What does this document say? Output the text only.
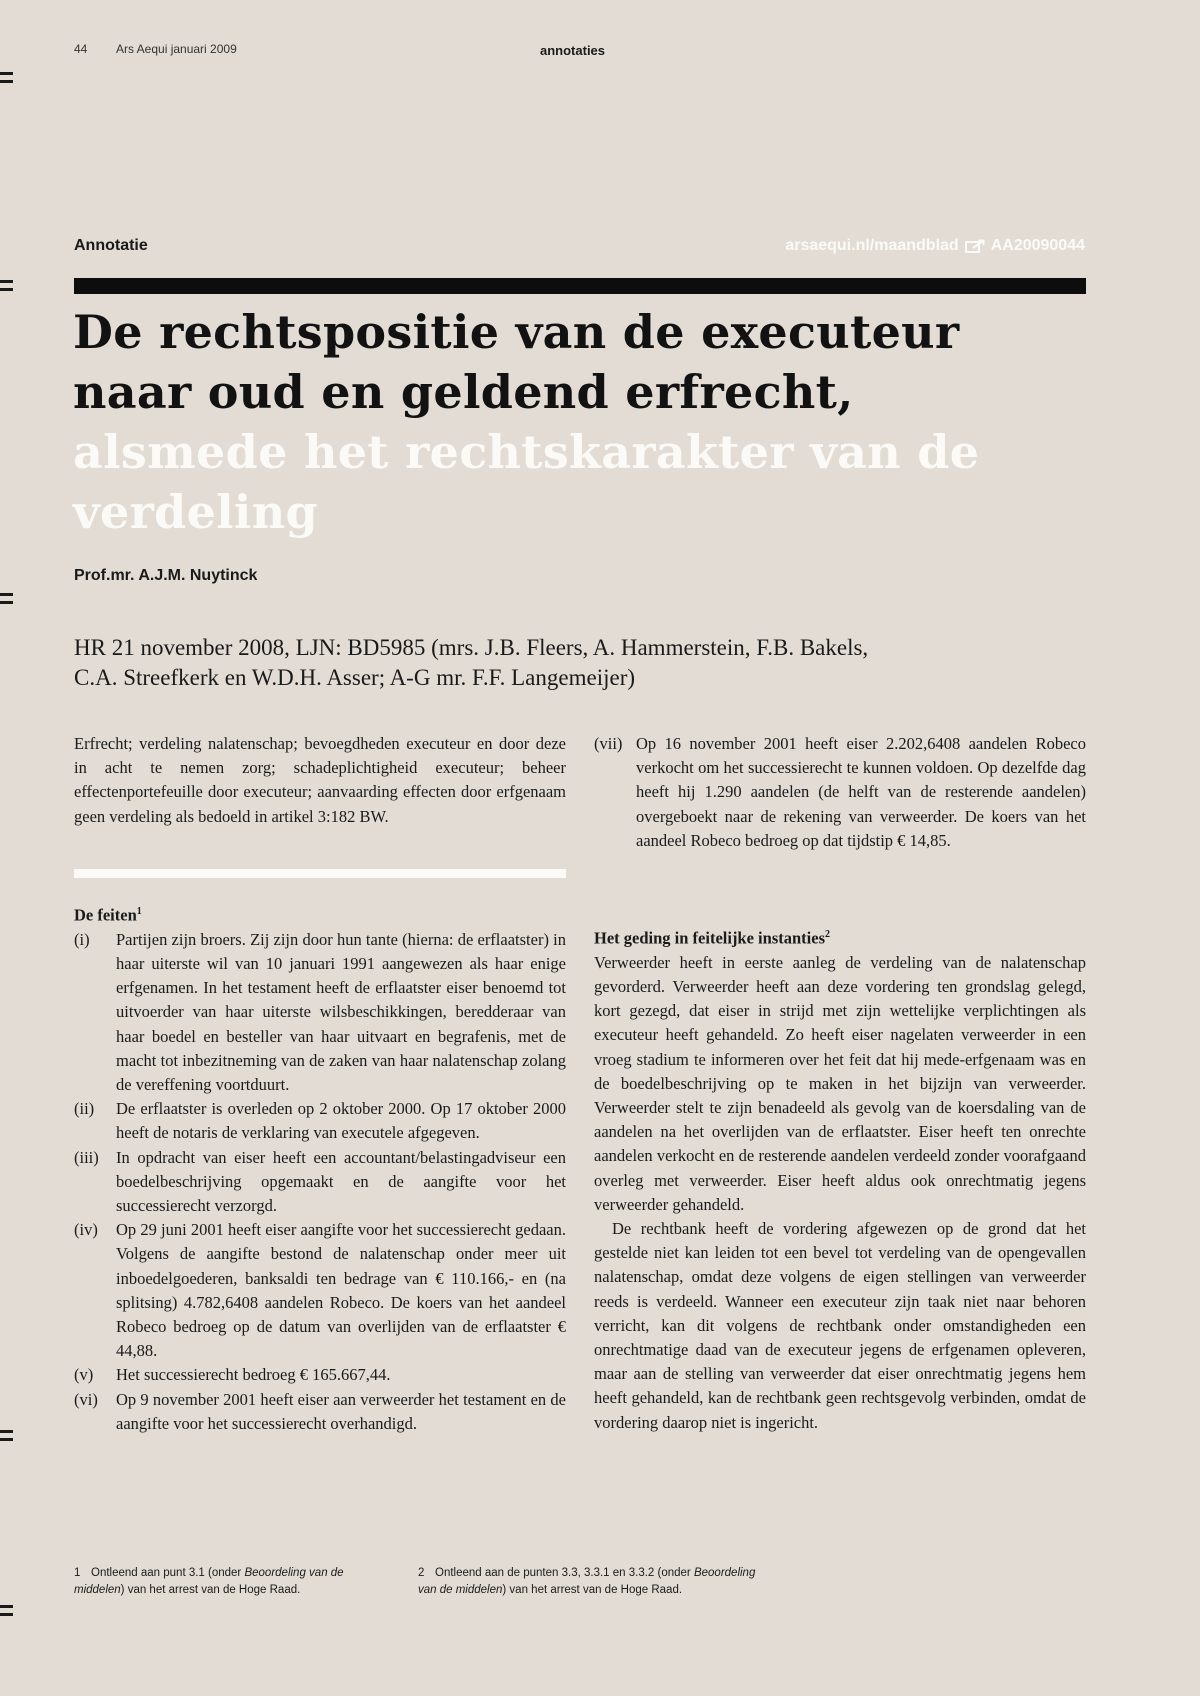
44 Ars Aequi januari 2009	annotaties
Annotatie	arsaequi.nl/maandblad AA20090044
De rechtspositie van de executeur
naar oud en geldend erfrecht,
alsmede het rechtskarakter van de
verdeling
Prof.mr. A.J.M. Nuytinck
HR 21 november 2008, LJN: BD5985 (mrs. J.B. Fleers, A. Hammerstein, F.B. Bakels,
C.A. Streefkerk en W.D.H. Asser; A-G mr. F.F. Langemeijer)

Erfrecht; verdeling nalatenschap; bevoegdheden executeur en door deze in acht te nemen zorg; schadeplichtigheid executeur; beheer effectenportefeuille door executeur; aanvaarding effecten door erfgenaam geen verdeling als bedoeld in artikel 3:182 BW.

De feiten$^1$

(i)	Partijen zijn broers. Zij zijn door hun tante (hierna: de erflaatster) in haar uiterste wil van 10 januari 1991 aangewezen als haar enige erfgenamen. In het testament heeft de erflaatster eiser benoemd tot uitvoerder van haar uiterste wilsbeschikkingen, beredderaar van haar boedel en besteller van haar uitvaart en begrafenis, met de macht tot inbezitneming van de zaken van haar nalatenschap zolang de vereffening voortduurt.
(ii)	De erflaatster is overleden op 2 oktober 2000. Op 17 oktober 2000 heeft de notaris de verklaring van executele afgegeven.
(iii)	In opdracht van eiser heeft een accountant/belastingadviseur een boedelbeschrijving opgemaakt en de aangifte voor het successierecht verzorgd.
(iv)	Op 29 juni 2001 heeft eiser aangifte voor het successierecht gedaan. Volgens de aangifte bestond de nalatenschap onder meer uit inboedelgoederen, banksaldi ten bedrage van € 110.166,- en (na splitsing) 4.782,6408 aandelen Robeco. De koers van het aandeel Robeco bedroeg op de datum van overlijden van de erflaatster € 44,88.
(v)	Het successierecht bedroeg € 165.667,44.
(vi)	Op 9 november 2001 heeft eiser aan verweerder het testament en de aangifte voor het successierecht overhandigd.
(vii) Op 16 november 2001 heeft eiser 2.202,6408 aandelen Robeco verkocht om het successierecht te kunnen voldoen. Op dezelfde dag heeft hij 1.290 aandelen (de helft van de resterende aandelen) overgeboekt naar de rekening van verweerder. De koers van het aandeel Robeco bedroeg op dat tijdstip € 14,85.

Het geding in feitelijke instanties$^2$

Verweerder heeft in eerste aanleg de verdeling van de nalatenschap gevorderd. Verweerder heeft aan deze vordering ten grondslag gelegd, kort gezegd, dat eiser in strijd met zijn wettelijke verplichtingen als executeur heeft gehandeld. Zo heeft eiser nagelaten verweerder in een vroeg stadium te informeren over het feit dat hij mede-erfgenaam was en de boedelbeschrijving op te maken in het bijzijn van verweerder. Verweerder stelt te zijn benadeeld als gevolg van de koersdaling van de aandelen na het overlijden van de erflaatster. Eiser heeft ten onrechte aandelen verkocht en de resterende aandelen verdeeld zonder voorafgaand overleg met verweerder. Eiser heeft aldus ook onrechtmatig jegens verweerder gehandeld.

De rechtbank heeft de vordering afgewezen op de grond dat het gestelde niet kan leiden tot een bevel tot verdeling van de opengevallen nalatenschap, omdat deze volgens de eigen stellingen van verweerder reeds is verdeeld. Wanneer een executeur zijn taak niet naar behoren verricht, kan dit volgens de rechtbank onder omstandigheden een onrechtmatige daad van de executeur jegens de erfgenamen opleveren, maar aan de stelling van verweerder dat eiser onrechtmatig jegens hem heeft gehandeld, kan de rechtbank geen rechtsgevolg verbinden, omdat de vordering daarop niet is ingericht.

1 Ontleend aan punt 3.1 (onder Beoordeling van de middelen) van het arrest van de Hoge Raad.
2 Ontleend aan de punten 3.3, 3.3.1 en 3.3.2 (onder Beoordeling van de middelen) van het arrest van de Hoge Raad.
